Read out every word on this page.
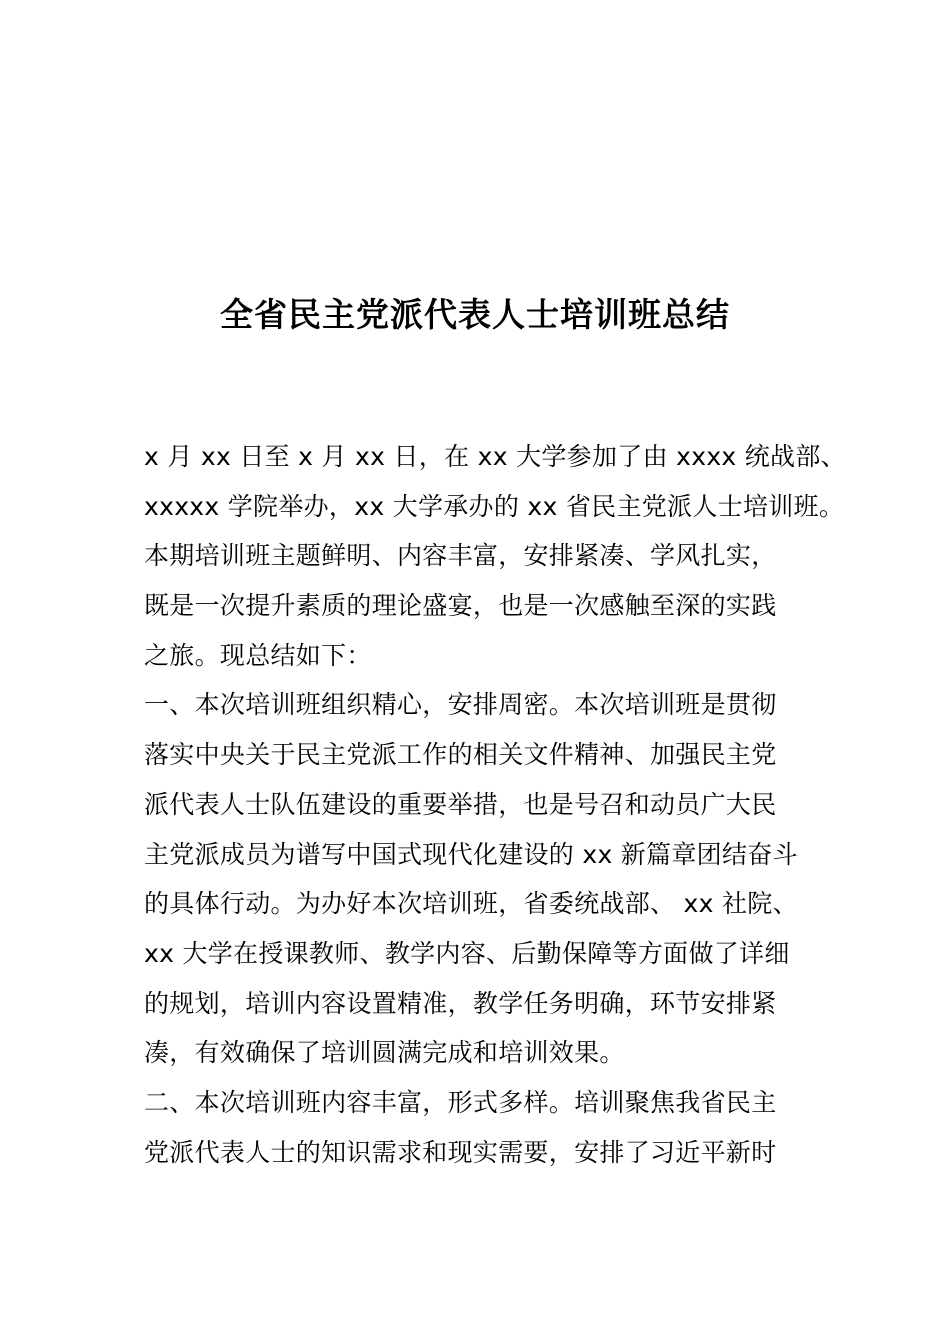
全省民主党派代表人士培训班总结
x 月 xx 日至 x 月 xx 日，在 xx 大学参加了由 xxxx 统战部、
xxxxx 学院举办，xx 大学承办的 xx 省民主党派人士培训班。
本期培训班主题鲜明、内容丰富，安排紧凑、学风扎实，
既是一次提升素质的理论盛宴，也是一次感触至深的实践
之旅。现总结如下：
一、本次培训班组织精心，安排周密。本次培训班是贯彻
落实中央关于民主党派工作的相关文件精神、加强民主党
派代表人士队伍建设的重要举措，也是号召和动员广大民
主党派成员为谱写中国式现代化建设的 xx 新篇章团结奋斗
的具体行动。为办好本次培训班，省委统战部、 xx 社院、
xx 大学在授课教师、教学内容、后勤保障等方面做了详细
的规划，培训内容设置精准，教学任务明确，环节安排紧
凑，有效确保了培训圆满完成和培训效果。
二、本次培训班内容丰富，形式多样。培训聚焦我省民主
党派代表人士的知识需求和现实需要，安排了习近平新时
